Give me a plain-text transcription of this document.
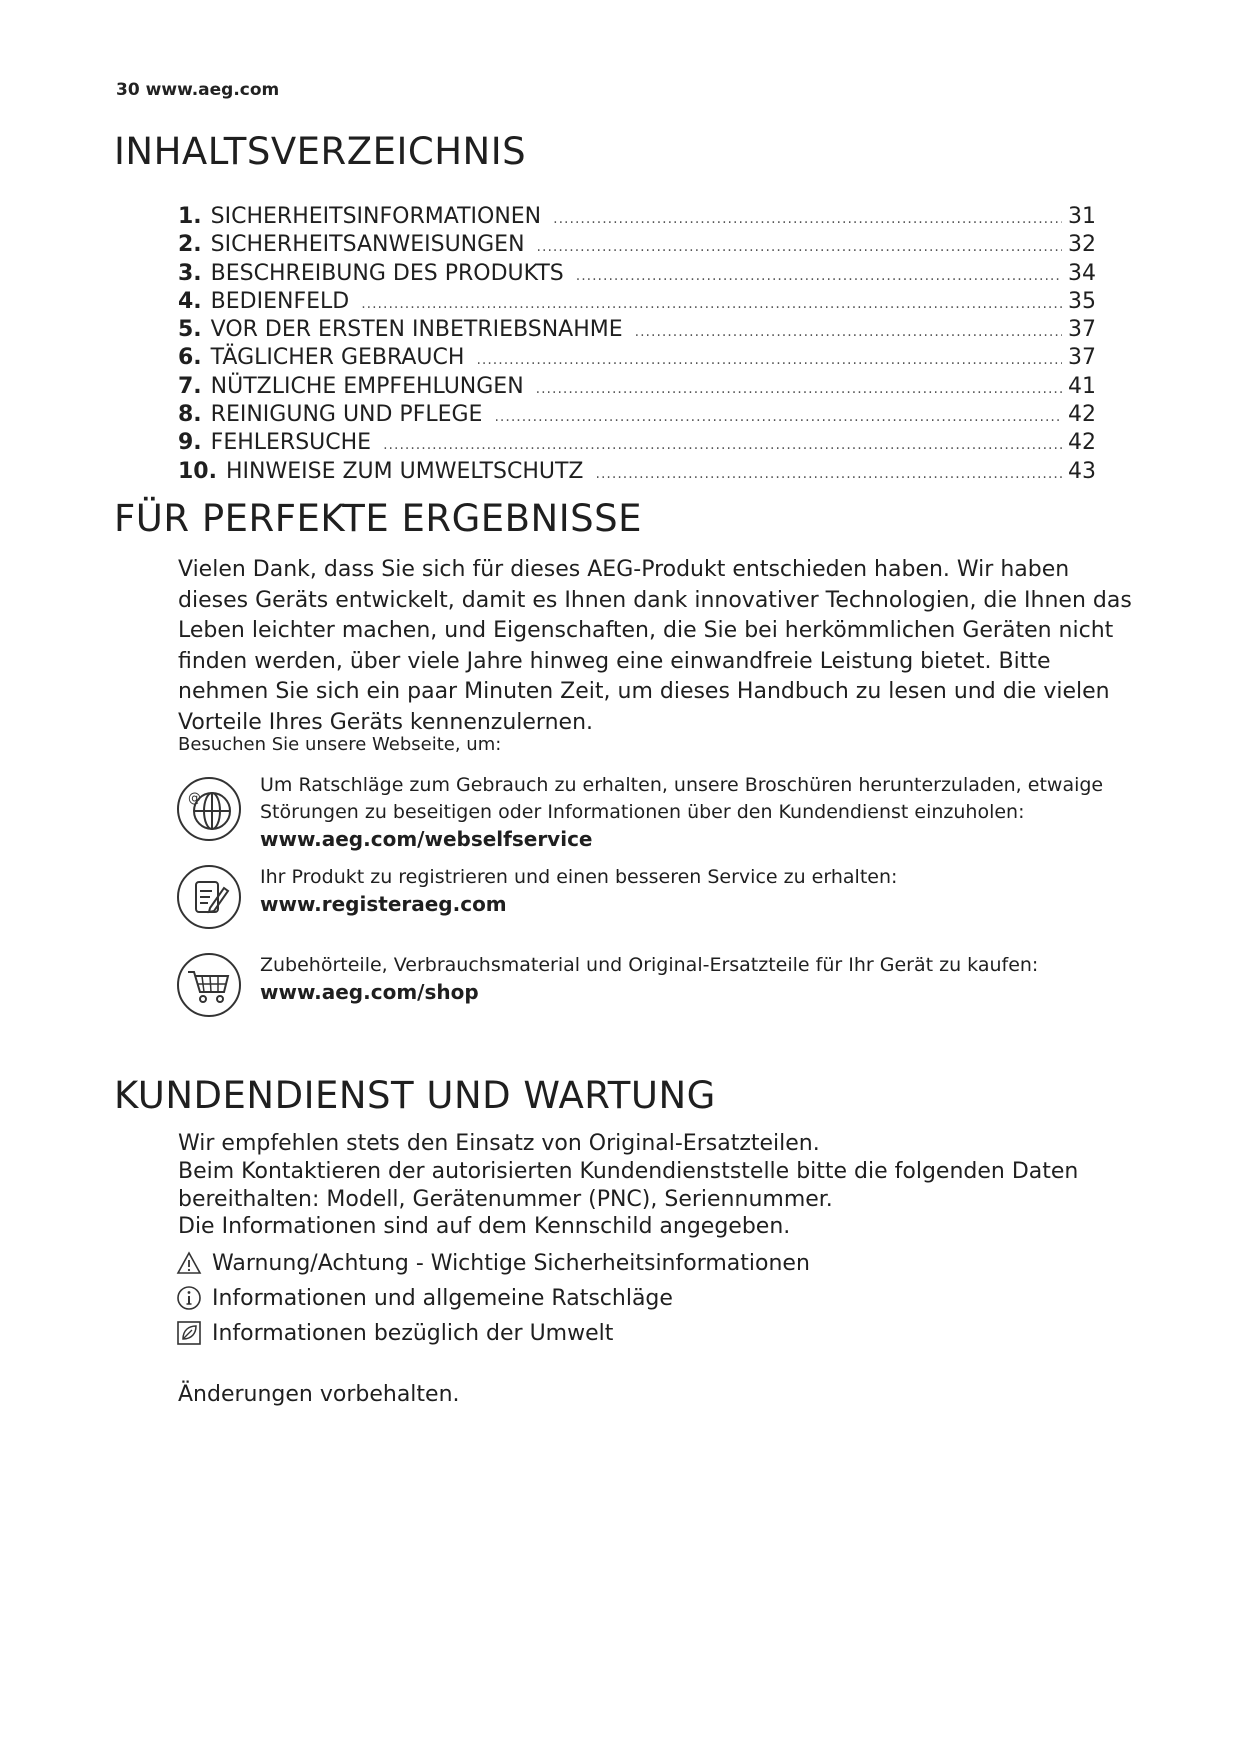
30 www.aeg.com
INHALTSVERZEICHNIS
1. SICHERHEITSINFORMATIONEN .....	31
2. SICHERHEITSANWEISUNGEN .....	32
3. BESCHREIBUNG DES PRODUKTS .....	34
4. BEDIENFELD .....	35
5. VOR DER ERSTEN INBETRIEBSNAHME .....	37
6. TÄGLICHER GEBRAUCH .....	37
7. NÜTZLICHE EMPFEHLUNGEN .....	41
8. REINIGUNG UND PFLEGE .....	42
9. FEHLERSUCHE .....	42
10. HINWEISE ZUM UMWELTSCHUTZ .....	43
FÜR PERFEKTE ERGEBNISSE

Vielen Dank, dass Sie sich für dieses AEG-Produkt entschieden haben. Wir haben dieses Geräts entwickelt, damit es Ihnen dank innovativer Technologien, die Ihnen das Leben leichter machen, und Eigenschaften, die Sie bei herkömmlichen Geräten nicht finden werden, über viele Jahre hinweg eine einwandfreie Leistung bietet. Bitte nehmen Sie sich ein paar Minuten Zeit, um dieses Handbuch zu lesen und die vielen Vorteile Ihres Geräts kennenzulernen.

Besuchen Sie unsere Webseite, um:

@
Um Ratschläge zum Gebrauch zu erhalten, unsere Broschüren herunterzuladen, etwaige Störungen zu beseitigen oder Informationen über den Kundendienst einzuholen:
www.aeg.com/webselfservice
Ihr Produkt zu registrieren und einen besseren Service zu erhalten:
www.registeraeg.com
Zubehörteile, Verbrauchsmaterial und Original-Ersatzteile für Ihr Gerät zu kaufen:
www.aeg.com/shop
KUNDENDIENST UND WARTUNG

Wir empfehlen stets den Einsatz von Original-Ersatzteilen.

Beim Kontaktieren der autorisierten Kundendienststelle bitte die folgenden Daten bereithalten: Modell, Gerätenummer (PNC), Seriennummer.

Die Informationen sind auf dem Kennschild angegeben.

Warnung/Achtung - Wichtige Sicherheitsinformationen
Informationen und allgemeine Ratschläge
Informationen bezüglich der Umwelt

Änderungen vorbehalten.
